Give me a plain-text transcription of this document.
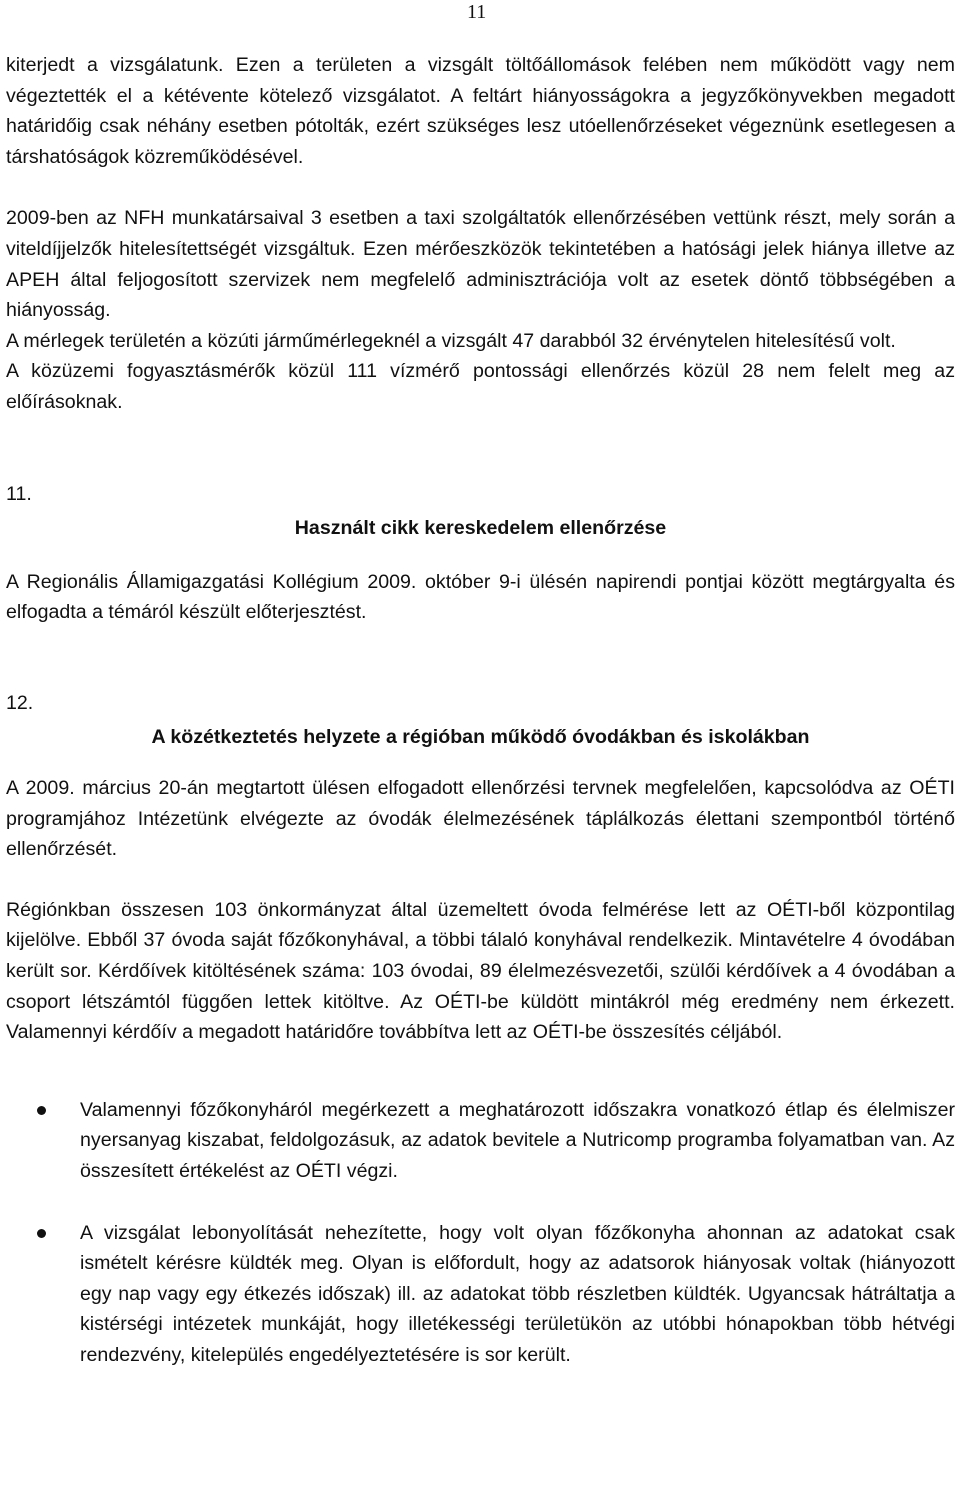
11

kiterjedt a vizsgálatunk. Ezen a területen a vizsgált töltőállomások felében nem működött vagy nem végeztették el a kétévente kötelező vizsgálatot. A feltárt hiányosságokra a jegyzőkönyvekben megadott határidőig csak néhány esetben pótolták, ezért szükséges lesz utóellenőrzéseket végeznünk esetlegesen a társhatóságok közreműködésével.

2009-ben az NFH munkatársaival 3 esetben a taxi szolgáltatók ellenőrzésében vettünk részt, mely során a viteldíjjelzők hitelesítettségét vizsgáltuk. Ezen mérőeszközök tekintetében a hatósági jelek hiánya illetve az APEH által feljogosított szervizek nem megfelelő adminisztrációja volt az esetek döntő többségében a hiányosság.

A mérlegek területén a közúti járműmérlegeknél a vizsgált 47 darabból 32 érvénytelen hitelesítésű volt.

A közüzemi fogyasztásmérők közül 111 vízmérő pontossági ellenőrzés közül 28 nem felelt meg az előírásoknak.

11.
Használt cikk kereskedelem ellenőrzése

A Regionális Államigazgatási Kollégium 2009. október 9-i ülésén napirendi pontjai között megtárgyalta és elfogadta a témáról készült előterjesztést.

12.
A közétkeztetés helyzete a régióban működő óvodákban és iskolákban

A 2009. március 20-án megtartott ülésen elfogadott ellenőrzési tervnek megfelelően, kapcsolódva az OÉTI programjához Intézetünk elvégezte az óvodák élelmezésének táplálkozás élettani szempontból történő ellenőrzését.

Régiónkban összesen 103 önkormányzat által üzemeltett óvoda felmérése lett az OÉTI-ből központilag kijelölve. Ebből 37 óvoda saját főzőkonyhával, a többi tálaló konyhával rendelkezik. Mintavételre 4 óvodában került sor. Kérdőívek kitöltésének száma: 103 óvodai, 89 élelmezésvezetői, szülői kérdőívek a 4 óvodában a csoport létszámtól függően lettek kitöltve. Az OÉTI-be küldött mintákról még eredmény nem érkezett. Valamennyi kérdőív a megadott határidőre továbbítva lett az OÉTI-be összesítés céljából.

Valamennyi főzőkonyháról megérkezett a meghatározott időszakra vonatkozó étlap és élelmiszer nyersanyag kiszabat, feldolgozásuk, az adatok bevitele a Nutricomp programba folyamatban van. Az összesített értékelést az OÉTI végzi.
A vizsgálat lebonyolítását nehezítette, hogy volt olyan főzőkonyha ahonnan az adatokat csak ismételt kérésre küldték meg. Olyan is előfordult, hogy az adatsorok hiányosak voltak (hiányozott egy nap vagy egy étkezés időszak) ill. az adatokat több részletben küldték. Ugyancsak hátráltatja a kistérségi intézetek munkáját, hogy illetékességi területükön az utóbbi hónapokban több hétvégi rendezvény, kitelepülés engedélyeztetésére is sor került.
